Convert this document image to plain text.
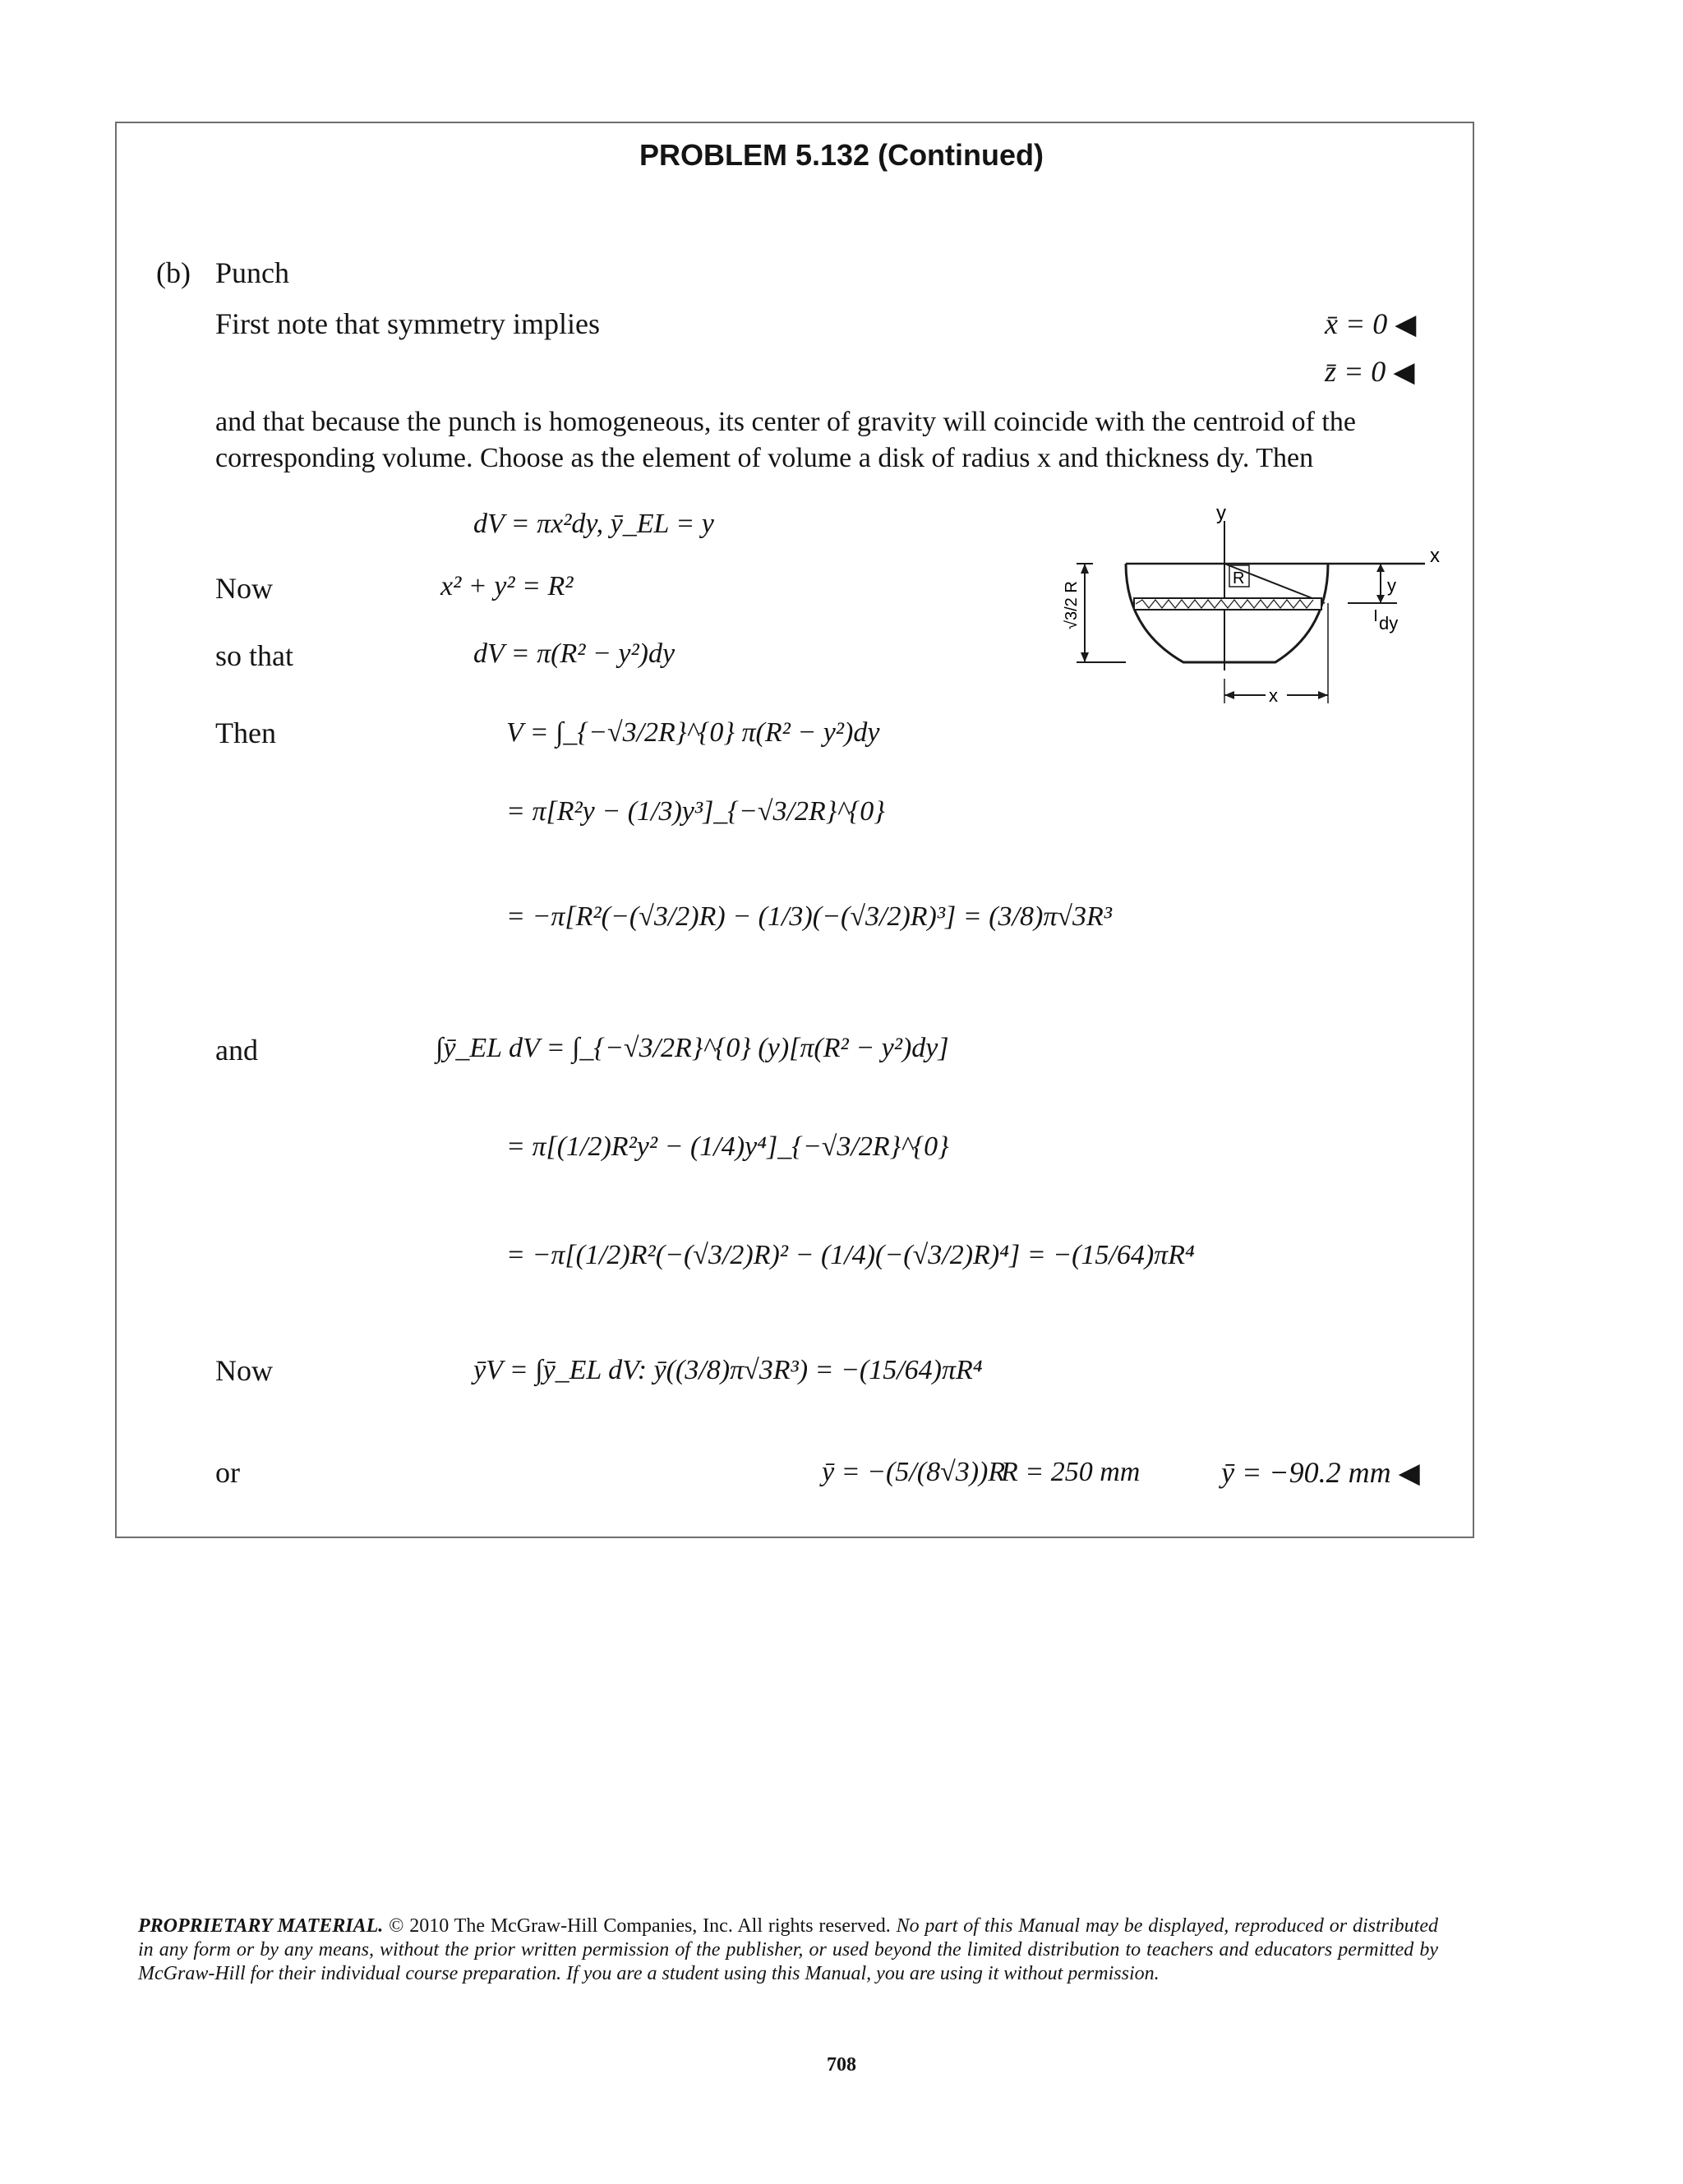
PROBLEM 5.132 (Continued)
(b) Punch
First note that symmetry implies	x̄ = 0 ◀
z̄ = 0 ◀
and that because the punch is homogeneous, its center of gravity will coincide with the centroid of the corresponding volume. Choose as the element of volume a disk of radius x and thickness dy. Then
dV = πx²dy, ȳ_EL = y
Now	x² + y² = R²
so that	dV = π(R² − y²)dy
Then	V = ∫_{−√3/2R}^{0} π(R² − y²)dy
= π[R²y − (1/3)y³]_{−√3/2R}^{0}
= −π[R²(−(√3/2)R) − (1/3)(−(√3/2)R)³] = (3/8)π√3R³
and	∫ȳ_EL dV = ∫_{−√3/2R}^{0} (y)[π(R² − y²)dy]
= π[(1/2)R²y² − (1/4)y⁴]_{−√3/2R}^{0}
= −π[(1/2)R²(−(√3/2)R)² − (1/4)(−(√3/2)R)⁴] = −(15/64)πR⁴
Now	ȳV = ∫ȳ_EL dV: ȳ((3/8)π√3R³) = −(15/64)πR⁴
or	ȳ = −(5/(8√3))R
R = 250 mm	ȳ = −90.2 mm ◀
y
x
R
√3/2 R	y
dy
x
PROPRIETARY MATERIAL. © 2010 The McGraw-Hill Companies, Inc. All rights reserved. No part of this Manual may be displayed, reproduced or distributed in any form or by any means, without the prior written permission of the publisher, or used beyond the limited distribution to teachers and educators permitted by McGraw-Hill for their individual course preparation. If you are a student using this Manual, you are using it without permission.
708
